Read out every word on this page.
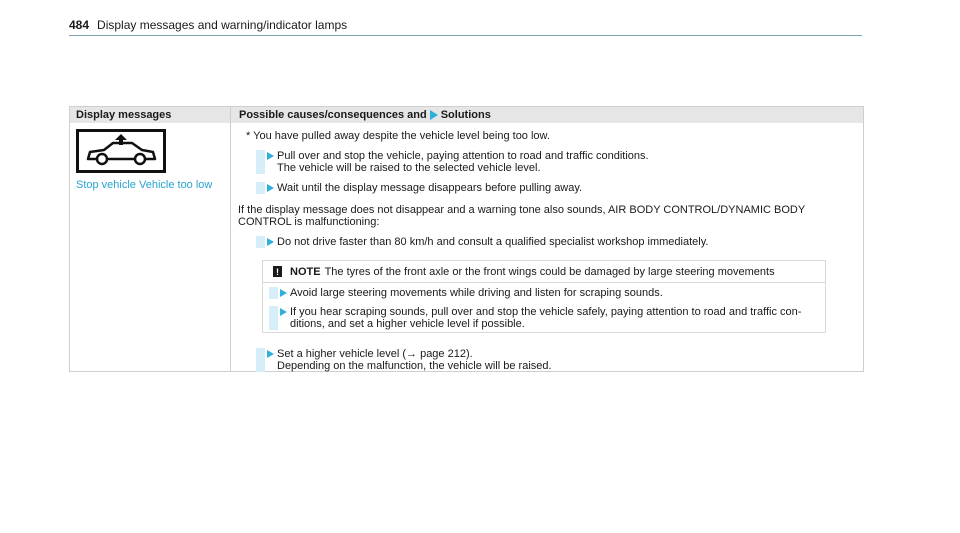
484 Display messages and warning/indicator lamps
Display messages	Possible causes/consequences and Solutions
Stop vehicle Vehicle too low
* You have pulled away despite the vehicle level being too low.
Pull over and stop the vehicle, paying attention to road and traffic conditions.
The vehicle will be raised to the selected vehicle level.
Wait until the display message disappears before pulling away.
If the display message does not disappear and a warning tone also sounds, AIR BODY CONTROL/DYNAMIC BODY
CONTROL is malfunctioning:
Do not drive faster than 80 km/h and consult a qualified specialist workshop immediately.
! NOTE The tyres of the front axle or the front wings could be damaged by large steering movements
Avoid large steering movements while driving and listen for scraping sounds.
If you hear scraping sounds, pull over and stop the vehicle safely, paying attention to road and traffic con-
ditions, and set a higher vehicle level if possible.
Set a higher vehicle level (→ page 212).
Depending on the malfunction, the vehicle will be raised.
